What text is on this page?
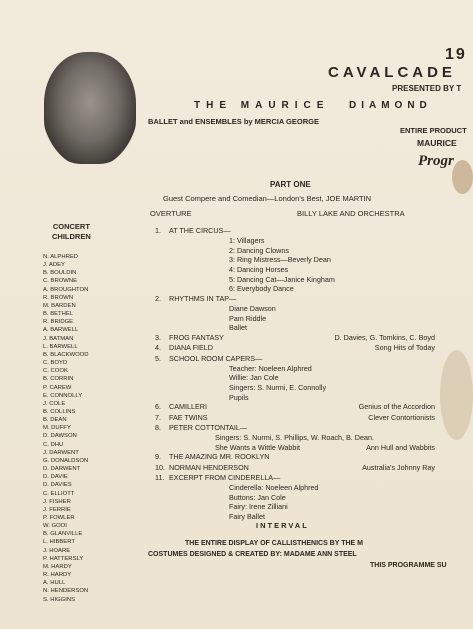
19
CAVALCADE
PRESENTED BY T
THE MAURICE DIAMOND
BALLET and ENSEMBLES by MERCIA GEORGE
ENTIRE PRODUCT
MAURICE
Progr
PART ONE
Guest Compere and Comedian—London's Best, JOE MARTIN
OVERTURE	BILLY LAKE AND ORCHESTRA
CONCERT
CHILDREN
N. ALPHRED
J. ADEY
B. BOULDIN
C. BROWNE
A. BROUGHTON
R. BROWN
M. BARDEN
B. BETHEL
R. BRIDGE
A. BARWELL
J. BATMAN
L. BARWELL
B. BLACKWOOD
C. BOYD
C. COOK
B. CORRIN
P. CAREW
E. CONNOLLY
J. COLE
B. COLLINS
B. DEAN
M. DUFFY
D. DAWSON
C. DHU
J. DARWENT
G. DONALDSON
D. DARWENT
D. DAVIE
D. DAVIES
C. ELLIOTT
J. FISHER
J. FERRIE
P. FOWLER
W. GOOI
B. GLANVILLE
L. HIBBERT
J. HOARE
P. HATTERSLY
M. HARDY
R. HARDY
A. HULL
N. HENDERSON
S. HIGGINS
1. AT THE CIRCUS—
1: Villagers
2: Dancing Clowns
3: Ring Mistress—Beverly Dean
4: Dancing Horses
5: Dancing Cat—Janice Kingham
6: Everybody Dance
2. RHYTHMS IN TAP—
Diane Dawson
Pam Riddle
Ballet
3. FROG FANTASY	D. Davies, G. Tomkins, C. Boyd
4. DIANA FIELD	Song Hits of Today
5. SCHOOL ROOM CAPERS—
Teacher: Noeleen Alphred
Willie: Jan Cole
Singers: S. Nurmi, E. Connolly
Pupils
6. CAMILLERI	Genius of the Accordion
7. FAE TWINS	Clever Contortionists
8. PETER COTTONTAIL—
Singers: S. Nurmi, S. Phillips, W. Roach, B. Dean.
She Wants a Wittle Wabbit	Ann Hull and Wabbits
9. THE AMAZING MR. ROOKLYN
10. NORMAN HENDERSON	Australia's Johnny Ray
11. EXCERPT FROM CINDERELLA—
Cinderella: Noeleen Alphred
Buttons: Jan Cole
Fairy: Irene Zilliani
Fairy Ballet
INTERVAL
THE ENTIRE DISPLAY OF CALLISTHENICS BY THE M
COSTUMES DESIGNED & CREATED BY: MADAME ANN STEEL
THIS PROGRAMME SU
